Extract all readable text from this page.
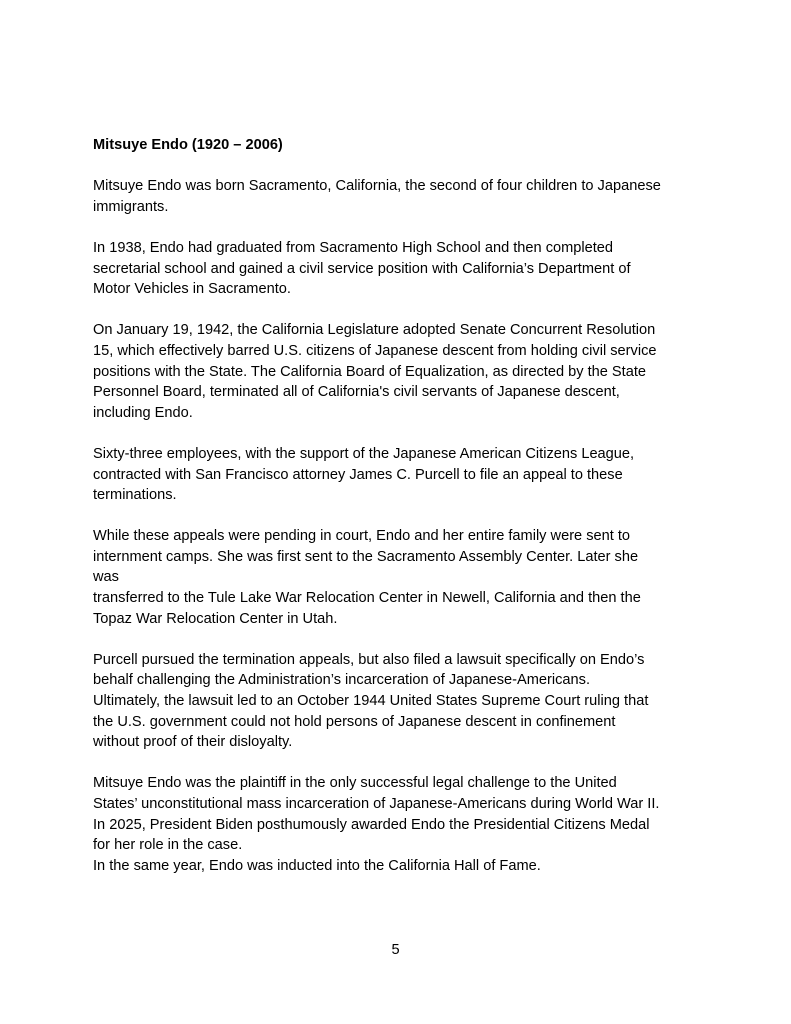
Mitsuye Endo (1920 – 2006)

Mitsuye Endo was born Sacramento, California, the second of four children to Japanese
immigrants.

In 1938, Endo had graduated from Sacramento High School and then completed
secretarial school and gained a civil service position with California’s Department of
Motor Vehicles in Sacramento.

On January 19, 1942, the California Legislature adopted Senate Concurrent Resolution
15, which effectively barred U.S. citizens of Japanese descent from holding civil service
positions with the State. The California Board of Equalization, as directed by the State
Personnel Board, terminated all of California's civil servants of Japanese descent,
including Endo.

Sixty-three employees, with the support of the Japanese American Citizens League,
contracted with San Francisco attorney James C. Purcell to file an appeal to these
terminations.

While these appeals were pending in court, Endo and her entire family were sent to
internment camps. She was first sent to the Sacramento Assembly Center. Later she
was
transferred to the Tule Lake War Relocation Center in Newell, California and then the
Topaz War Relocation Center in Utah.

Purcell pursued the termination appeals, but also filed a lawsuit specifically on Endo’s
behalf challenging the Administration’s incarceration of Japanese-Americans.
Ultimately, the lawsuit led to an October 1944 United States Supreme Court ruling that
the U.S. government could not hold persons of Japanese descent in confinement
without proof of their disloyalty.

Mitsuye Endo was the plaintiff in the only successful legal challenge to the United
States’ unconstitutional mass incarceration of Japanese-Americans during World War II.
In 2025, President Biden posthumously awarded Endo the Presidential Citizens Medal
for her role in the case.
In the same year, Endo was inducted into the California Hall of Fame.

5
